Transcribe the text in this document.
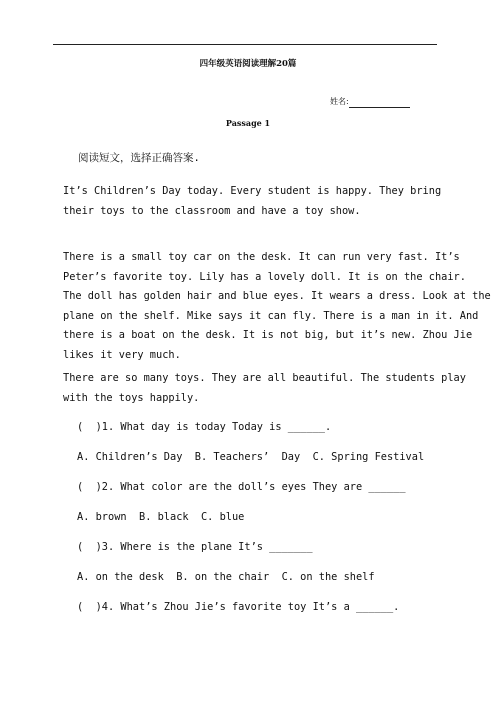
四年级英语阅读理解20篇
姓名:
Passage 1
阅读短文，选择正确答案.
It’s Children’s Day today. Every student is happy. They bring
their toys to the classroom and have a toy show.
There is a small toy car on the desk. It can run very fast. It’s
Peter’s favorite toy. Lily has a lovely doll. It is on the chair.
The doll has golden hair and blue eyes. It wears a dress. Look at the
plane on the shelf. Mike says it can fly. There is a man in it. And
there is a boat on the desk. It is not big, but it’s new. Zhou Jie
likes it very much.
There are so many toys. They are all beautiful. The students play
with the toys happily.
(  )1. What day is today Today is ______.
A. Children’s Day  B. Teachers’  Day  C. Spring Festival
(  )2. What color are the doll’s eyes They are ______
A. brown  B. black  C. blue
(  )3. Where is the plane It’s _______
A. on the desk  B. on the chair  C. on the shelf
(  )4. What’s Zhou Jie’s favorite toy It’s a ______.
